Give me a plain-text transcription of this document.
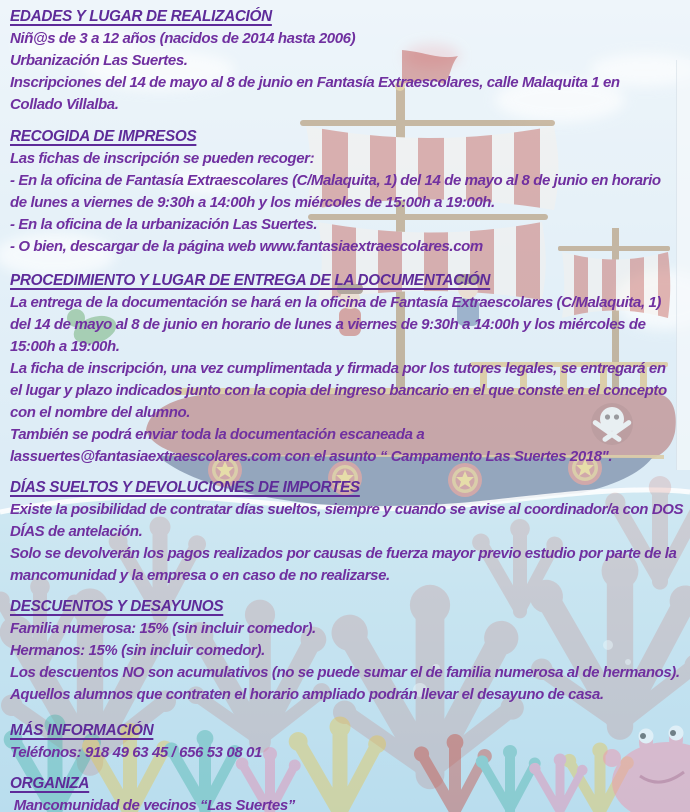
EDADES Y LUGAR DE REALIZACIÓN

Niñ@s de 3 a 12 años (nacidos de 2014 hasta 2006)

Urbanización Las Suertes.

Inscripciones del 14 de mayo al 8 de junio en Fantasía Extraescolares, calle Malaquita 1 en

Collado Villalba.

RECOGIDA DE IMPRESOS

Las fichas de inscripción se pueden recoger:

- En la oficina de Fantasía Extraescolares (C/Malaquita, 1) del 14 de mayo al 8 de junio en horario

de lunes a viernes de 9:30h a 14:00h y los miércoles de 15:00h a 19:00h.

- En la oficina de la urbanización Las Suertes.

- O bien, descargar de la página web www.fantasiaextraescolares.com

PROCEDIMIENTO Y LUGAR DE ENTREGA DE LA DOCUMENTACIÓN

La entrega de la documentación se hará en la oficina de Fantasía Extraescolares (C/Malaquita, 1)

del 14 de mayo al 8 de junio en horario de lunes a viernes de 9:30h a 14:00h y los miércoles de

15:00h a 19:00h.

La ficha de inscripción, una vez cumplimentada y firmada por los tutores legales, se entregará en

el lugar y plazo indicados junto con la copia del ingreso bancario en el que conste en el concepto

con el nombre del alumno.

También se podrá enviar toda la documentación escaneada a

lassuertes@fantasiaextraescolares.com con el asunto “ Campamento Las Suertes 2018".

DÍAS SUELTOS Y DEVOLUCIONES DE IMPORTES

Existe la posibilidad de contratar días sueltos, siempre y cuando se avise al coordinador/a con DOS

DÍAS de antelación.

Solo se devolverán los pagos realizados por causas de fuerza mayor previo estudio por parte de la

mancomunidad y la empresa o en caso de no realizarse.

DESCUENTOS Y DESAYUNOS

Familia numerosa: 15% (sin incluir comedor).

Hermanos: 15% (sin incluir comedor).

Los descuentos NO son acumulativos (no se puede sumar el de familia numerosa al de hermanos).

Aquellos alumnos que contraten el horario ampliado podrán llevar el desayuno de casa.

MÁS INFORMACIÓN

Teléfonos: 918 49 63 45 / 656 53 08 01

ORGANIZA

Mancomunidad de vecinos “Las Suertes”
